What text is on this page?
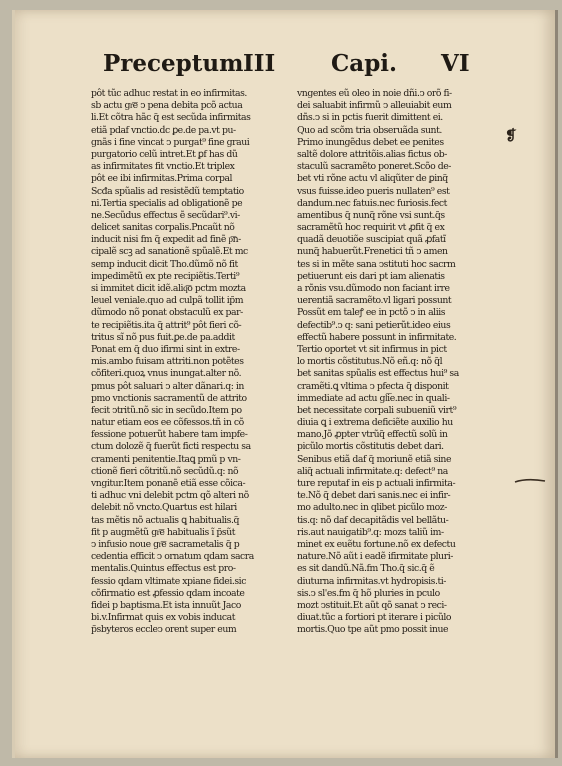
Preceptum III Capi. VI
pôt tũc adhuc restat in eo infirmitas.
sb actu gr͞e ↄ pena debita pcõ actua
li.Et cõtra hãc q̃ est secũda infirmitas
etiã pdaf vnctio.ḋc ꝑe.de pa.vt pu-
gnãs i fine vincat ↄ purgat⁹ fine graui
purgatorio celũ intret.Et ꝑf has dũ
as infirmitates fit vnctio.Et triplex
pôt ee ibi infirmitas.Prima corpal
Scđa spũalis ad resistẽdũ temptatio
ni.Tertia specialis ad obligationẽ pe
ne.Secũdus effectus ẽ secũdari⁹.vi-
delicet sanitas corpalis.Pncaũt nõ
inducit nisi fm q̃ expedit ad finẽ p͞n-
cipalẽ scꝫ ad sanationẽ spũalẽ.Et mc
semp inducit dicit Tho.dũmõ nõ fit
impedimẽtũ ex pte recipiẽtis.Terti⁹
si immitet dicit idẽ.aliq͞o pctm mozta
leuel veniale.quo ad culpã tollit ip̃m
dũmodo nõ ponat obstaculũ ex par-
te recipiẽtis.ita q̃ attrit⁹ pôt fieri cõ-
tritus sĩ nõ pus fuit.ꝑe.de pa.addit
Ponat em q̃ duo ifirmi sint in extre-
mis.ambo fuisam attriti.non potẽtes
cõfiteri.quoꝝ vnus inungat.alter nõ.
pmus pôt saluari ↄ alter dãnari.q: in
pmo vnctionis sacramentũ de attrito
fecit ↄtritũ.nõ sic in secũdo.Item po
natur etiam eos ee cõfessos.tñ in cõ
fessione potuerũt habere tam impfe-
ctum dolozẽ q̃ fuerũt ficti respectu sa
cramenti penitentie.Itaꝗ pmũ p vn-
ctionẽ fieri cõtritũ.nõ secũdũ.q: nõ
vngitur.Item ponanẽ etiã esse cõica-
ti adhuc vni delebit pctm qõ alteri nõ
delebit nõ vncto.Quartus est hilari
tas mẽtis nõ actualis ꝗ habitualis.q̃
fit p augmẽtũ gr͞e habitualis ĩ p̃sũt
ↄ infusio noue gr͞e sacrametalis q̃ p
cedentia efficit ↄ ornatum qdam sacra
mentalis.Quintus effectus est pro-
fessio qdam vltimate xpiane fidei.sic
cõfirmatio est ꝓfessio qdam incoate
fidei p baptisma.Et ista innuũt Jaco
bi.v.Infirmat quis ex vobis inducat
p̃sbyteros eccleↄ orent super eum
vngentes eũ oleo in noie dñi.ↄ orõ fi-
dei saluabit infirmũ ↄ alleuiabit eum
dñs.ↄ si in pctis fuerit dimittent ei.
Quo ad scõm tria obseruãda sunt.
Primo inungẽdus debet ee penites
saltẽ dolore attritõis.alias fictus ob-
staculũ sacramẽto poneret.Scõo de-
bet vti rõne actu vl aliqũter de ꝑinq̃
vsus fuisse.ideo pueris nullaten⁹ est
dandum.nec fatuis.nec furiosis.fect
amentibus q̃ nunq̃ rõne vsi sunt.q̃s
sacramẽtũ hoc requirit vt ꝓfit q̃ ex
quadã deuotiõe suscipiat quã ꝓfatĩ
nunq̃ habuerũt.Frenetici tñ ↄ amen
tes si in mẽte sana ↄstituti hoc sacrm
petiuerunt eis dari pt iam alienatis
a rõnis vsu.dũmodo non faciant irre
uerentiã sacramẽto.vl ligari possunt
Possũt em taleꝭ ee in pctõ ↄ in aliis
defectib⁹.ↄ q: sani petierũt.ideo eius
effectũ habere possunt in infirmitate.
Tertio oportet vt sit infirmus in pict
lo mortis cõstitutus.Nõ eñ.q: nõ q̃l
bet sanitas spũalis est effectus hui⁹ sa
cramẽti.ꝗ vltima ↄ pfecta q̃ disponit
immediate ad actu gl͞ie.nec in quali-
bet necessitate corpali subueniũ virt⁹
diuia ꝗ i extrema deficiẽte auxilio hu
mano.Jõ ꝓpter vtrũq̃ effectũ solũ in
picũlo mortis cõstitutis debet dari.
Senibus etiã daf q̃ moriunẽ etiã sine
aliq̃ actuali infirmitate.q: defect⁹ na
ture reputaf in eis p actuali infirmita-
te.Nõ q̃ debet dari sanis.nec ei infir-
mo adulto.nec in qlibet picũlo moz-
tis.q: nõ daf decapitãdis vel bellãtu-
ris.aut nauigatib⁹.q: mozs taliũ im-
minet ex euẽtu fortune.nõ ex defectu
nature.Nõ aũt i eadẽ ifirmitate pluri-
es sit dandũ.Nã.fm Tho.q̃ sic.q̃ ẽ
diuturna infirmitas.vt hydropisis.ti-
sis.ↄ sl'es.fm q̃ hõ pluries in pculo
mozt̃ ↄstituit.Et aũt qõ sanat ↄ reci-
diuat.tũc a fortiori pt iterare i picũlo
mortis.Quo tpe aũt pmo possit inue
❡
